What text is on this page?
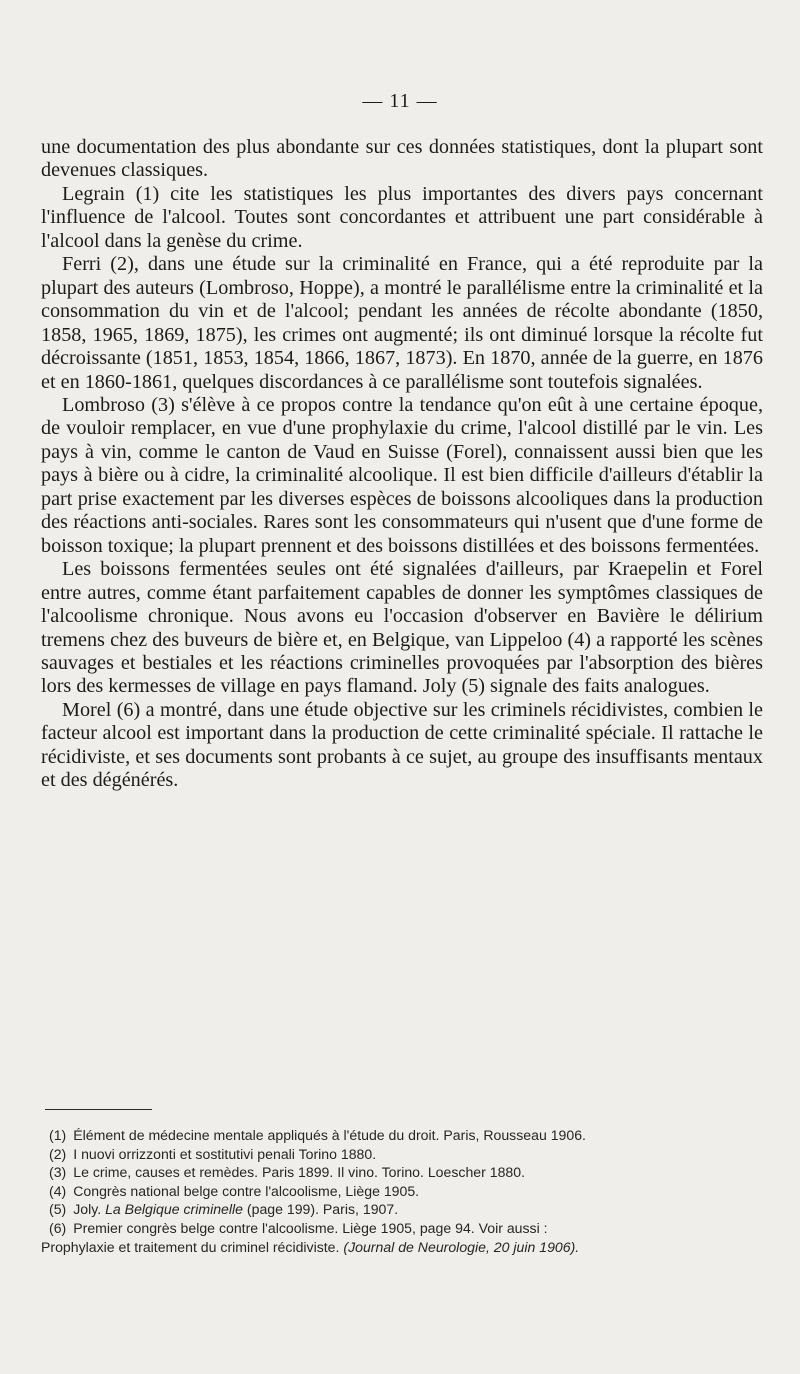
— 11 —

une documentation des plus abondante sur ces données statistiques, dont la plupart sont devenues classiques.

Legrain (1) cite les statistiques les plus importantes des divers pays concernant l'influence de l'alcool. Toutes sont concordantes et attribuent une part considérable à l'alcool dans la genèse du crime.

Ferri (2), dans une étude sur la criminalité en France, qui a été reproduite par la plupart des auteurs (Lombroso, Hoppe), a montré le parallélisme entre la criminalité et la consommation du vin et de l'alcool; pendant les années de récolte abondante (1850, 1858, 1965, 1869, 1875), les crimes ont augmenté; ils ont diminué lorsque la récolte fut décroissante (1851, 1853, 1854, 1866, 1867, 1873). En 1870, année de la guerre, en 1876 et en 1860-1861, quelques discordances à ce parallélisme sont toutefois signalées.

Lombroso (3) s'élève à ce propos contre la tendance qu'on eût à une certaine époque, de vouloir remplacer, en vue d'une prophylaxie du crime, l'alcool distillé par le vin. Les pays à vin, comme le canton de Vaud en Suisse (Forel), connaissent aussi bien que les pays à bière ou à cidre, la criminalité alcoolique. Il est bien difficile d'ailleurs d'établir la part prise exactement par les diverses espèces de boissons alcooliques dans la production des réactions anti-sociales. Rares sont les consommateurs qui n'usent que d'une forme de boisson toxique; la plupart prennent et des boissons distillées et des boissons fermentées.

Les boissons fermentées seules ont été signalées d'ailleurs, par Kraepelin et Forel entre autres, comme étant parfaitement capables de donner les symptômes classiques de l'alcoolisme chronique. Nous avons eu l'occasion d'observer en Bavière le délirium tremens chez des buveurs de bière et, en Belgique, van Lippeloo (4) a rapporté les scènes sauvages et bestiales et les réactions criminelles provoquées par l'absorption des bières lors des kermesses de village en pays flamand. Joly (5) signale des faits analogues.

Morel (6) a montré, dans une étude objective sur les criminels récidivistes, combien le facteur alcool est important dans la production de cette criminalité spéciale. Il rattache le récidiviste, et ses documents sont probants à ce sujet, au groupe des insuffisants mentaux et des dégénérés.

(1) Élément de médecine mentale appliqués à l'étude du droit. Paris, Rousseau 1906.
(2) I nuovi orrizzonti et sostitutivi penali Torino 1880.
(3) Le crime, causes et remèdes. Paris 1899. Il vino. Torino. Loescher 1880.
(4) Congrès national belge contre l'alcoolisme, Liège 1905.
(5) Joly. La Belgique criminelle (page 199). Paris, 1907.
(6) Premier congrès belge contre l'alcoolisme. Liège 1905, page 94. Voir aussi :
Prophylaxie et traitement du criminel récidiviste. (Journal de Neurologie, 20 juin 1906).
